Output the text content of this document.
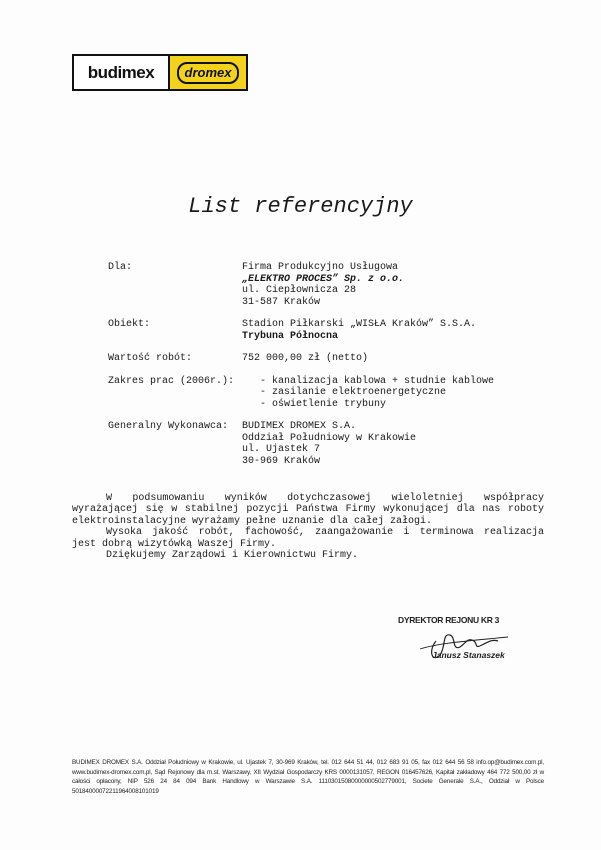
budimex dromex
List referencyjny
Dla:	Firma Produkcyjno Usługowa
„ELEKTRO PROCES” Sp. z o.o.
ul. Ciepłownicza 28
31-587 Kraków
Obiekt:	Stadion Piłkarski „WISŁA Kraków” S.S.A.
Trybuna Północna
Wartość robót:	752 000,00 zł (netto)
Zakres prac (2006r.):
-	kanalizacja kablowa + studnie kablowe
- zasilanie elektroenergetyczne
- oświetlenie trybuny
Generalny Wykonawca:	BUDIMEX DROMEX S.A.
Oddział Południowy w Krakowie
ul. Ujastek 7
30-969 Kraków

W podsumowaniu wyników dotychczasowej wieloletniej współpracy wyrażającej się w stabilnej pozycji Państwa Firmy wykonującej dla nas roboty elektroinstalacyjne wyrażamy pełne uznanie dla całej załogi.

Wysoka jakość robót, fachowość, zaangażowanie i terminowa realizacja jest dobrą wizytówką Waszej Firmy.

Dziękujemy Zarządowi i Kierownictwu Firmy.

DYREKTOR REJONU KR 3
Janusz Stanaszek

BUDIMEX DROMEX S.A. Oddział Południowy w Krakowie, ul. Ujastek 7, 30-969 Kraków, tel. 012 644 51 44, 012 683 91 05, fax 012 644 56 58 info.op@budimex.com.pl, www.budimex-dromex.com.pl, Sąd Rejonowy dla m.st. Warszawy, XII Wydział Gospodarczy KRS 0000131057, REGON 016457626, Kapitał zakładowy 464 772 500,00 zł w całości opłacony, NIP 526 24 84 094 Bank Handlowy w Warszawie S.A. 11103015080000000502779001, Societe Generale S.A., Oddział w Polsce 50184000072211964008101019
